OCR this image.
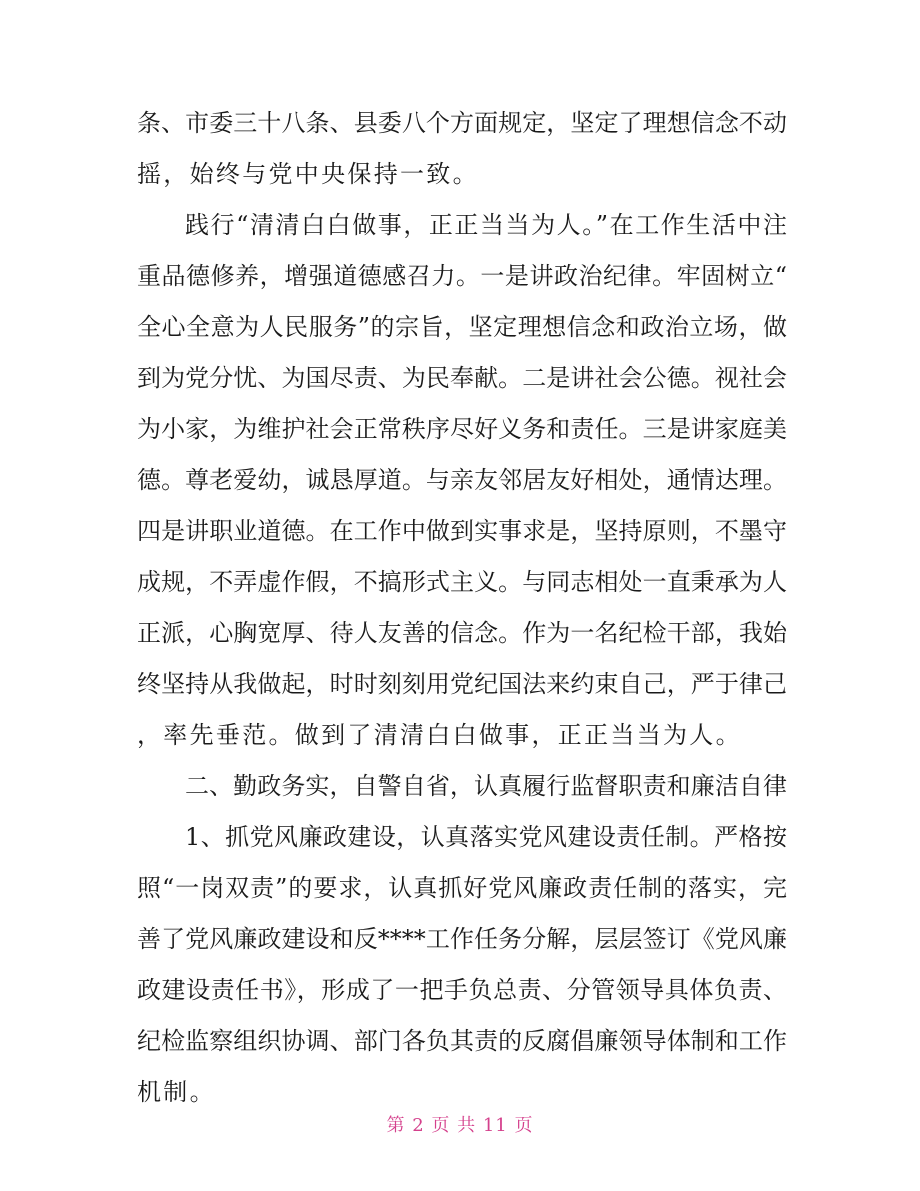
条、市委三十八条、县委八个方面规定，坚定了理想信念不动
摇，始终与党中央保持一致。
践行“清清白白做事，正正当当为人。”在工作生活中注
重品德修养，增强道德感召力。一是讲政治纪律。牢固树立“
全心全意为人民服务”的宗旨，坚定理想信念和政治立场，做
到为党分忧、为国尽责、为民奉献。二是讲社会公德。视社会
为小家，为维护社会正常秩序尽好义务和责任。三是讲家庭美
德。尊老爱幼，诚恳厚道。与亲友邻居友好相处，通情达理。
四是讲职业道德。在工作中做到实事求是，坚持原则，不墨守
成规，不弄虚作假，不搞形式主义。与同志相处一直秉承为人
正派，心胸宽厚、待人友善的信念。作为一名纪检干部，我始
终坚持从我做起，时时刻刻用党纪国法来约束自己，严于律己
，率先垂范。做到了清清白白做事，正正当当为人。
二、勤政务实，自警自省，认真履行监督职责和廉洁自律
1、抓党风廉政建设，认真落实党风建设责任制。严格按
照“一岗双责”的要求，认真抓好党风廉政责任制的落实，完
善了党风廉政建设和反****工作任务分解，层层签订《党风廉
政建设责任书》，形成了一把手负总责、分管领导具体负责、
纪检监察组织协调、部门各负其责的反腐倡廉领导体制和工作
机制。
第 2 页 共 11 页
